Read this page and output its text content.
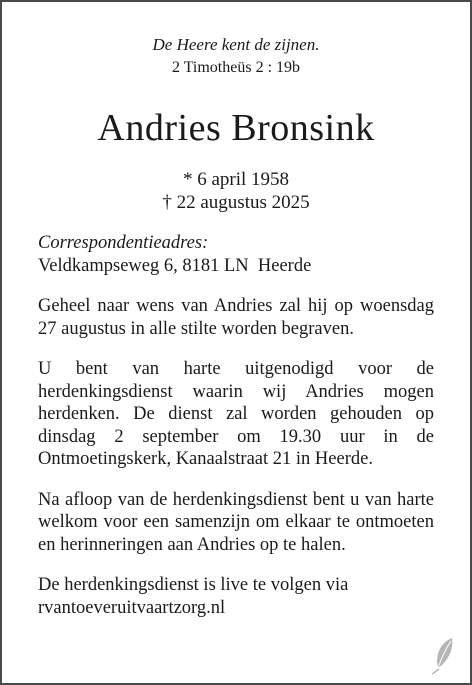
De Heere kent de zijnen.

2 Timotheüs 2 : 19b

Andries Bronsink
* 6 april 1958
† 22 augustus 2025

Correspondentieadres:

Veldkampseweg 6, 8181 LN  Heerde

Geheel naar wens van Andries zal hij op woensdag 27 augustus in alle stilte worden begraven.

U bent van harte uitgenodigd voor de herdenkingsdienst waarin wij Andries mogen herdenken. De dienst zal worden gehouden op dinsdag 2 september om 19.30 uur in de Ontmoetingskerk, Kanaalstraat 21 in Heerde.

Na afloop van de herdenkingsdienst bent u van harte welkom voor een samenzijn om elkaar te ontmoeten en herinneringen aan Andries op te halen.

De herdenkingsdienst is live te volgen via
rvantoeveruitvaartzorg.nl
